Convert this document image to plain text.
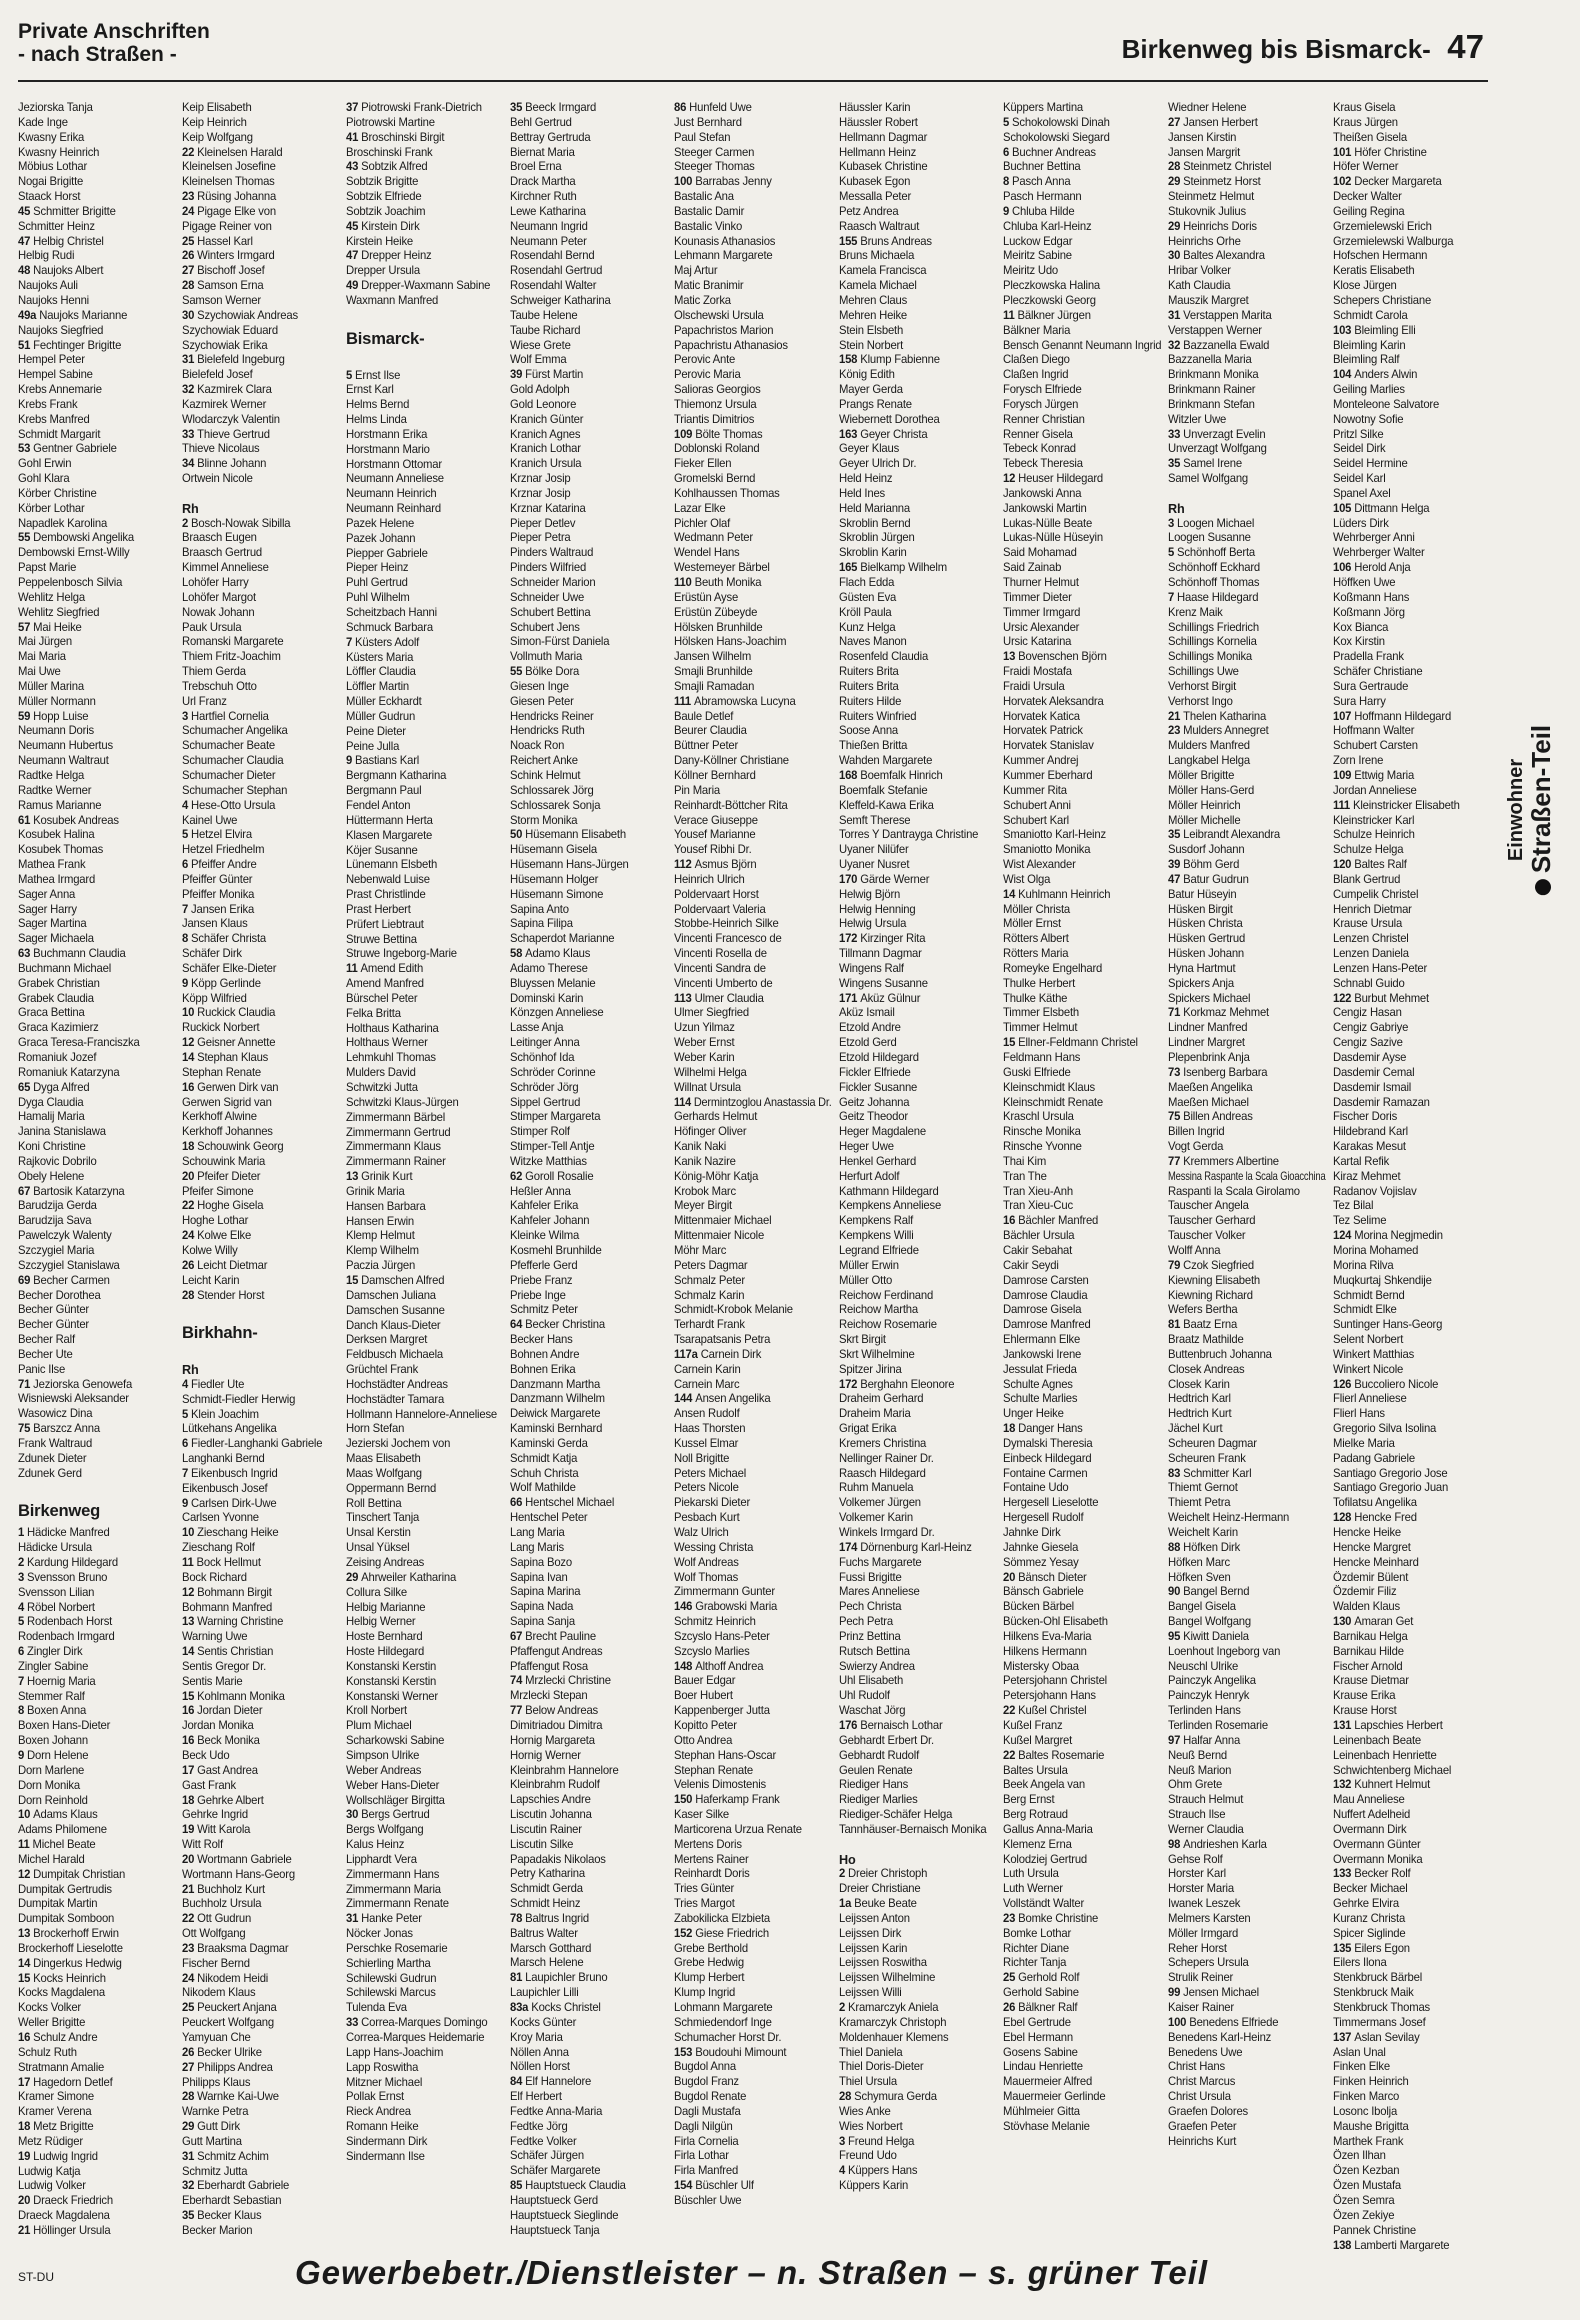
Private Anschriften
- nach Straßen -	Birkenweg bis Bismarck- 47
Jeziorska Tanja
Kade Inge
Kwasny Erika
Kwasny Heinrich
Möbius Lothar
Nogai Brigitte
Staack Horst
45 Schmitter Brigitte
Schmitter Heinz
47 Helbig Christel
Helbig Rudi
48 Naujoks Albert
Naujoks Auli
Naujoks Henni
49a Naujoks Marianne
Naujoks Siegfried
51 Fechtinger Brigitte
Hempel Peter
Hempel Sabine
Krebs Annemarie
Krebs Frank
Krebs Manfred
Schmidt Margarit
53 Gentner Gabriele
Gohl Erwin
Gohl Klara
Körber Christine
Körber Lothar
Napadlek Karolina
55 Dembowski Angelika
Dembowski Ernst-Willy
Papst Marie
Peppelenbosch Silvia
Wehlitz Helga
Wehlitz Siegfried
57 Mai Heike
Mai Jürgen
Mai Maria
Mai Uwe
Müller Marina
Müller Normann
59 Hopp Luise
Neumann Doris
Neumann Hubertus
Neumann Waltraut
Radtke Helga
Radtke Werner
Ramus Marianne
61 Kosubek Andreas
Kosubek Halina
Kosubek Thomas
Mathea Frank
Mathea Irmgard
Sager Anna
Sager Harry
Sager Martina
Sager Michaela
63 Buchmann Claudia
Buchmann Michael
Grabek Christian
Grabek Claudia
Graca Bettina
Graca Kazimierz
Graca Teresa-Franciszka
Romaniuk Jozef
Romaniuk Katarzyna
65 Dyga Alfred
Dyga Claudia
Hamalij Maria
Janina Stanislawa
Koni Christine
Rajkovic Dobrilo
Obely Helene
67 Bartosik Katarzyna
Barudzija Gerda
Barudzija Sava
Pawelczyk Walenty
Szczygiel Maria
Szczygiel Stanislawa
69 Becher Carmen
Becher Dorothea
Becher Günter
Becher Günter
Becher Ralf
Becher Ute
Panic Ilse
71 Jeziorska Genowefa
Wisniewski Aleksander
Wasowicz Dina
75 Barszcz Anna
Frank Waltraud
Zdunek Dieter
Zdunek Gerd
Birkenweg
1 Hädicke Manfred
Hädicke Ursula
2 Kardung Hildegard
3 Svensson Bruno
Svensson Lilian
4 Röbel Norbert
5 Rodenbach Horst
Rodenbach Irmgard
6 Zingler Dirk
Zingler Sabine
7 Hoernig Maria
Stemmer Ralf
8 Boxen Anna
Boxen Hans-Dieter
Boxen Johann
9 Dorn Helene
Dorn Marlene
Dorn Monika
Dorn Reinhold
10 Adams Klaus
Adams Philomene
11 Michel Beate
Michel Harald
12 Dumpitak Christian
Dumpitak Gertrudis
Dumpitak Martin
Dumpitak Somboon
13 Brockerhoff Erwin
Brockerhoff Lieselotte
14 Dingerkus Hedwig
15 Kocks Heinrich
Kocks Magdalena
Kocks Volker
Weller Brigitte
16 Schulz Andre
Schulz Ruth
Stratmann Amalie
17 Hagedorn Detlef
Kramer Simone
Kramer Verena
18 Metz Brigitte
Metz Rüdiger
19 Ludwig Ingrid
Ludwig Katja
Ludwig Volker
20 Draeck Friedrich
Draeck Magdalena
21 Höllinger Ursula
Keip Elisabeth
Keip Heinrich
Keip Wolfgang
22 Kleinelsen Harald
Kleinelsen Josefine
Kleinelsen Thomas
23 Rüsing Johanna
24 Pigage Elke von
Pigage Reiner von
25 Hassel Karl
26 Winters Irmgard
27 Bischoff Josef
28 Samson Erna
Samson Werner
30 Szychowiak Andreas
Szychowiak Eduard
Szychowiak Erika
31 Bielefeld Ingeburg
Bielefeld Josef
32 Kazmirek Clara
Kazmirek Werner
Wlodarczyk Valentin
33 Thieve Gertrud
Thieve Nicolaus
34 Blinne Johann
Ortwein Nicole
Rh
2 Bosch-Nowak Sibilla
Braasch Eugen
Braasch Gertrud
Kimmel Anneliese
Lohöfer Harry
Lohöfer Margot
Nowak Johann
Pauk Ursula
Romanski Margarete
Thiem Fritz-Joachim
Thiem Gerda
Trebschuh Otto
Url Franz
3 Hartfiel Cornelia
Schumacher Angelika
Schumacher Beate
Schumacher Claudia
Schumacher Dieter
Schumacher Stephan
4 Hese-Otto Ursula
Kainel Uwe
5 Hetzel Elvira
Hetzel Friedhelm
6 Pfeiffer Andre
Pfeiffer Günter
Pfeiffer Monika
7 Jansen Erika
Jansen Klaus
8 Schäfer Christa
Schäfer Dirk
Schäfer Elke-Dieter
9 Köpp Gerlinde
Köpp Wilfried
10 Ruckick Claudia
Ruckick Norbert
12 Geisner Annette
14 Stephan Klaus
Stephan Renate
16 Gerwen Dirk van
Gerwen Sigrid van
Kerkhoff Alwine
Kerkhoff Johannes
18 Schouwink Georg
Schouwink Maria
20 Pfeifer Dieter
Pfeifer Simone
22 Hoghe Gisela
Hoghe Lothar
24 Kolwe Elke
Kolwe Willy
26 Leicht Dietmar
Leicht Karin
28 Stender Horst
Birkhahn-
Rh
4 Fiedler Ute
Schmidt-Fiedler Herwig
5 Klein Joachim
Lütkehans Angelika
6 Fiedler-Langhanki Gabriele
Langhanki Bernd
7 Eikenbusch Ingrid
Eikenbusch Josef
9 Carlsen Dirk-Uwe
Carlsen Yvonne
10 Zieschang Heike
Zieschang Rolf
11 Bock Hellmut
Bock Richard
12 Bohmann Birgit
Bohmann Manfred
13 Warning Christine
Warning Uwe
14 Sentis Christian
Sentis Gregor Dr.
Sentis Marie
15 Kohlmann Monika
16 Jordan Dieter
Jordan Monika
16 Beck Monika
Beck Udo
17 Gast Andrea
Gast Frank
18 Gehrke Albert
Gehrke Ingrid
19 Witt Karola
Witt Rolf
20 Wortmann Gabriele
Wortmann Hans-Georg
21 Buchholz Kurt
Buchholz Ursula
22 Ott Gudrun
Ott Wolfgang
23 Braaksma Dagmar
Fischer Bernd
24 Nikodem Heidi
Nikodem Klaus
25 Peuckert Anjana
Peuckert Wolfgang
Yamyuan Che
26 Becker Ulrike
27 Philipps Andrea
Philipps Klaus
28 Warnke Kai-Uwe
Warnke Petra
29 Gutt Dirk
Gutt Martina
31 Schmitz Achim
Schmitz Jutta
32 Eberhardt Gabriele
Eberhardt Sebastian
35 Becker Klaus
Becker Marion
37 Piotrowski Frank-Dietrich
Piotrowski Martine
41 Broschinski Birgit
Broschinski Frank
43 Sobtzik Alfred
Sobtzik Brigitte
Sobtzik Elfriede
Sobtzik Joachim
45 Kirstein Dirk
Kirstein Heike
47 Drepper Heinz
Drepper Ursula
49 Drepper-Waxmann Sabine
Waxmann Manfred
Bismarck-
5 Ernst Ilse
Ernst Karl
Helms Bernd
Helms Linda
Horstmann Erika
Horstmann Mario
Horstmann Ottomar
Neumann Anneliese
Neumann Heinrich
Neumann Reinhard
Pazek Helene
Pazek Johann
Piepper Gabriele
Pieper Heinz
Puhl Gertrud
Puhl Wilhelm
Scheitzbach Hanni
Schmuck Barbara
7 Küsters Adolf
Küsters Maria
Löffler Claudia
Löffler Martin
Müller Eckhardt
Müller Gudrun
Peine Dieter
Peine Julla
9 Bastians Karl
Bergmann Katharina
Bergmann Paul
Fendel Anton
Hüttermann Herta
Klasen Margarete
Köjer Susanne
Lünemann Elsbeth
Nebenwald Luise
Prast Christlinde
Prast Herbert
Prüfert Liebtraut
Struwe Bettina
Struwe Ingeborg-Marie
11 Amend Edith
Amend Manfred
Bürschel Peter
Felka Britta
Holthaus Katharina
Holthaus Werner
Lehmkuhl Thomas
Mulders David
Schwitzki Jutta
Schwitzki Klaus-Jürgen
Zimmermann Bärbel
Zimmermann Gertrud
Zimmermann Klaus
Zimmermann Rainer
13 Grinik Kurt
Grinik Maria
Hansen Barbara
Hansen Erwin
Klemp Helmut
Klemp Wilhelm
Paczia Jürgen
15 Damschen Alfred
Damschen Juliana
Damschen Susanne
Danch Klaus-Dieter
Derksen Margret
Feldbusch Michaela
Grüchtel Frank
Hochstädter Andreas
Hochstädter Tamara
Hollmann Hannelore-Anneliese
Horn Stefan
Jezierski Jochem von
Maas Elisabeth
Maas Wolfgang
Oppermann Bernd
Roll Bettina
Tinschert Tanja
Unsal Kerstin
Unsal Yüksel
Zeising Andreas
29 Ahrweiler Katharina
Collura Silke
Helbig Marianne
Helbig Werner
Hoste Bernhard
Hoste Hildegard
Konstanski Kerstin
Konstanski Kerstin
Konstanski Werner
Kroll Norbert
Plum Michael
Scharkowski Sabine
Simpson Ulrike
Weber Andreas
Weber Hans-Dieter
Wollschläger Birgitta
30 Bergs Gertrud
Bergs Wolfgang
Kalus Heinz
Lipphardt Vera
Zimmermann Hans
Zimmermann Maria
Zimmermann Renate
31 Hanke Peter
Nöcker Jonas
Perschke Rosemarie
Schierling Martha
Schilewski Gudrun
Schilewski Marcus
Tulenda Eva
33 Correa-Marques Domingo
Correa-Marques Heidemarie
Lapp Hans-Joachim
Lapp Roswitha
Mitzner Michael
Pollak Ernst
Rieck Andrea
Romann Heike
Sindermann Dirk
Sindermann Ilse
35 Beeck Irmgard
Behl Gertrud
Bettray Gertruda
Biernat Maria
Broel Erna
Drack Martha
Kirchner Ruth
Lewe Katharina
Neumann Ingrid
Neumann Peter
Rosendahl Bernd
Rosendahl Gertrud
Rosendahl Walter
Schweiger Katharina
Taube Helene
Taube Richard
Wiese Grete
Wolf Emma
39 Fürst Martin
Gold Adolph
Gold Leonore
Kranich Günter
Kranich Agnes
Kranich Lothar
Kranich Ursula
Krznar Josip
Krznar Josip
Krznar Katarina
Pieper Detlev
Pieper Petra
Pinders Waltraud
Pinders Wilfried
Schneider Marion
Schneider Uwe
Schubert Bettina
Schubert Jens
Simon-Fürst Daniela
Vollmuth Maria
55 Bölke Dora
Giesen Inge
Giesen Peter
Hendricks Reiner
Hendricks Ruth
Noack Ron
Reichert Anke
Schink Helmut
Schlossarek Jörg
Schlossarek Sonja
Storm Monika
50 Hüsemann Elisabeth
Hüsemann Gisela
Hüsemann Hans-Jürgen
Hüsemann Holger
Hüsemann Simone
Sapina Anto
Sapina Filipa
Schaperdot Marianne
58 Adamo Klaus
Adamo Therese
Bluyssen Melanie
Dominski Karin
Könzgen Anneliese
Lasse Anja
Leitinger Anna
Schönhof Ida
Schröder Corinne
Schröder Jörg
Sippel Gertrud
Stimper Margareta
Stimper Rolf
Stimper-Tell Antje
Witzke Matthias
62 Goroll Rosalie
Heßler Anna
Kahfeler Erika
Kahfeler Johann
Kleinke Wilma
Kosmehl Brunhilde
Pfefferle Gerd
Priebe Franz
Priebe Inge
Schmitz Peter
64 Becker Christina
Becker Hans
Bohnen Andre
Bohnen Erika
Danzmann Martha
Danzmann Wilhelm
Deiwick Margarete
Kaminski Bernhard
Kaminski Gerda
Schmidt Katja
Schuh Christa
Wolf Mathilde
66 Hentschel Michael
Hentschel Peter
Lang Maria
Lang Maris
Sapina Bozo
Sapina Ivan
Sapina Marina
Sapina Nada
Sapina Sanja
67 Brecht Pauline
Pfaffengut Andreas
Pfaffengut Rosa
74 Mrzlecki Christine
Mrzlecki Stepan
77 Below Andreas
Dimitriadou Dimitra
Hornig Margareta
Hornig Werner
Kleinbrahm Hannelore
Kleinbrahm Rudolf
Lapschies Andre
Liscutin Johanna
Liscutin Rainer
Liscutin Silke
Papadakis Nikolaos
Petry Katharina
Schmidt Gerda
Schmidt Heinz
78 Baltrus Ingrid
Baltrus Walter
Marsch Gotthard
Marsch Helene
81 Laupichler Bruno
Laupichler Lilli
83a Kocks Christel
Kocks Günter
Kroy Maria
Nöllen Anna
Nöllen Horst
84 Elf Hannelore
Elf Herbert
Fedtke Anna-Maria
Fedtke Jörg
Fedtke Volker
Schäfer Jürgen
Schäfer Margarete
85 Hauptstueck Claudia
Hauptstueck Gerd
Hauptstueck Sieglinde
Hauptstueck Tanja
86 Hunfeld Uwe
Just Bernhard
Paul Stefan
Steeger Carmen
Steeger Thomas
100 Barrabas Jenny
Bastalic Ana
Bastalic Damir
Bastalic Vinko
Kounasis Athanasios
Lehmann Margarete
Maj Artur
Matic Branimir
Matic Zorka
Olschewski Ursula
Papachristos Marion
Papachristu Athanasios
Perovic Ante
Perovic Maria
Salioras Georgios
Thiemonz Ursula
Triantis Dimitrios
109 Bölte Thomas
Doblonski Roland
Fieker Ellen
Gromelski Bernd
Kohlhaussen Thomas
Lazar Elke
Pichler Olaf
Wedmann Peter
Wendel Hans
Westemeyer Bärbel
110 Beuth Monika
Erüstün Ayse
Erüstün Zübeyde
Hölsken Brunhilde
Hölsken Hans-Joachim
Jansen Wilhelm
Smajli Brunhilde
Smajli Ramadan
111 Abramowska Lucyna
Baule Detlef
Beurer Claudia
Büttner Peter
Dany-Köllner Christiane
Köllner Bernhard
Pin Maria
Reinhardt-Böttcher Rita
Verace Giuseppe
Yousef Marianne
Yousef Ribhi Dr.
112 Asmus Björn
Heinrich Ulrich
Poldervaart Horst
Poldervaart Valeria
Stobbe-Heinrich Silke
Vincenti Francesco de
Vincenti Rosella de
Vincenti Sandra de
Vincenti Umberto de
113 Ulmer Claudia
Ulmer Siegfried
Uzun Yilmaz
Weber Ernst
Weber Karin
Wilhelmi Helga
Willnat Ursula
114 Dermintzoglou Anastassia Dr.
Gerhards Helmut
Höfinger Oliver
Kanik Naki
Kanik Nazire
König-Möhr Katja
Krobok Marc
Meyer Birgit
Mittenmaier Michael
Mittenmaier Nicole
Möhr Marc
Peters Dagmar
Schmalz Peter
Schmalz Karin
Schmidt-Krobok Melanie
Terhardt Frank
Tsarapatsanis Petra
117a Carnein Dirk
Carnein Karin
Carnein Marc
144 Ansen Angelika
Ansen Rudolf
Haas Thorsten
Kussel Elmar
Noll Brigitte
Peters Michael
Peters Nicole
Piekarski Dieter
Pesbach Kurt
Walz Ulrich
Wessing Christa
Wolf Andreas
Wolf Thomas
Zimmermann Gunter
146 Grabowski Maria
Schmitz Heinrich
Szcyslo Hans-Peter
Szcyslo Marlies
148 Althoff Andrea
Bauer Edgar
Boer Hubert
Kappenberger Jutta
Kopitto Peter
Otto Andrea
Stephan Hans-Oscar
Stephan Renate
Velenis Dimostenis
150 Haferkamp Frank
Kaser Silke
Marticorena Urzua Renate
Mertens Doris
Mertens Rainer
Reinhardt Doris
Tries Günter
Tries Margot
Zabokilicka Elzbieta
152 Giese Friedrich
Grebe Berthold
Grebe Hedwig
Klump Herbert
Klump Ingrid
Lohmann Margarete
Schmiedendorf Inge
Schumacher Horst Dr.
153 Boudouhi Mimount
Bugdol Anna
Bugdol Franz
Bugdol Renate
Dagli Mustafa
Dagli Nilgün
Firla Cornelia
Firla Lothar
Firla Manfred
154 Büschler Ulf
Büschler Uwe
Häussler Karin
Häussler Robert
Hellmann Dagmar
Hellmann Heinz
Kubasek Christine
Kubasek Egon
Messalla Peter
Petz Andrea
Raasch Waltraut
155 Bruns Andreas
Bruns Michaela
Kamela Franciscа
Kamela Michael
Mehren Claus
Mehren Heike
Stein Elsbeth
Stein Norbert
158 Klump Fabienne
König Edith
Mayer Gerda
Prangs Renate
Wiebernett Dorothea
163 Geyer Christa
Geyer Klaus
Geyer Ulrich Dr.
Held Heinz
Held Ines
Held Marianna
Skroblin Bernd
Skroblin Jürgen
Skroblin Karin
165 Bielkamp Wilhelm
Flach Edda
Güsten Eva
Kröll Paula
Kunz Helga
Naves Manon
Rosenfeld Claudia
Ruiters Brita
Ruiters Brita
Ruiters Hilde
Ruiters Winfried
Soose Anna
Thießen Britta
Wahden Margarete
168 Boemfalk Hinrich
Boemfalk Stefanie
Kleffeld-Kawa Erika
Semft Therese
Torres Y Dantrayga Christine
Uyaner Nilüfer
Uyaner Nusret
170 Gärde Werner
Helwig Björn
Helwig Henning
Helwig Ursula
172 Kirzinger Rita
Tillmann Dagmar
Wingens Ralf
Wingens Susanne
171 Aküz Gülnur
Aküz Ismail
Etzold Andre
Etzold Gerd
Etzold Hildegard
Fickler Elfriede
Fickler Susanne
Geitz Johanna
Geitz Theodor
Heger Magdalene
Heger Uwe
Henkel Gerhard
Herfurt Adolf
Kathmann Hildegard
Kempkens Anneliese
Kempkens Ralf
Kempkens Willi
Legrand Elfriede
Müller Erwin
Müller Otto
Reichow Ferdinand
Reichow Martha
Reichow Rosemarie
Skrt Birgit
Skrt Wilhelmine
Spitzer Jirina
172 Berghahn Eleonore
Draheim Gerhard
Draheim Maria
Grigat Erika
Kremers Christina
Nellinger Rainer Dr.
Raasch Hildegard
Ruhm Manuela
Volkemer Jürgen
Volkemer Karin
Winkels Irmgard Dr.
174 Dörnenburg Karl-Heinz
Fuchs Margarete
Fussi Brigitte
Mares Anneliese
Pech Christa
Pech Petra
Prinz Bettina
Rutsch Bettina
Swierzy Andrea
Uhl Elisabeth
Uhl Rudolf
Waschat Jörg
176 Bernaisch Lothar
Gebhardt Erbert Dr.
Gebhardt Rudolf
Geulen Renate
Riediger Hans
Riediger Marlies
Riediger-Schäfer Helga
Tannhäuser-Bernaisch Monika
Ho
2 Dreier Christoph
Dreier Christiane
1a Beuke Beate
Leijssen Anton
Leijssen Dirk
Leijssen Karin
Leijssen Roswitha
Leijssen Wilhelmine
Leijssen Willi
2 Kramarczyk Aniela
Kramarczyk Christoph
Moldenhauer Klemens
Thiel Daniela
Thiel Doris-Dieter
Thiel Ursula
28 Schymura Gerda
Wies Anke
Wies Norbert
3 Freund Helga
Freund Udo
4 Küppers Hans
Küppers Karin
Küppers Martina
5 Schokolowski Dinah
Schokolowski Siegard
6 Buchner Andreas
Buchner Bettina
8 Pasch Anna
Pasch Hermann
9 Chluba Hilde
Chluba Karl-Heinz
Luckow Edgar
Meiritz Sabine
Meiritz Udo
Pleczkowska Halina
Pleczkowski Georg
11 Bälkner Jürgen
Bälkner Maria
Bensch Genannt Neumann Ingrid
Claßen Diego
Claßen Ingrid
Forysch Elfriede
Forysch Jürgen
Renner Christian
Renner Gisela
Tebeck Konrad
Tebeck Theresia
12 Heuser Hildegard
Jankowski Anna
Jankowski Martin
Lukas-Nülle Beate
Lukas-Nülle Hüseyin
Said Mohamad
Said Zainab
Thurner Helmut
Timmer Dieter
Timmer Irmgard
Ursic Alexander
Ursic Katarina
13 Bovenschen Björn
Fraidi Mostafa
Fraidi Ursula
Horvatek Aleksandra
Horvatek Katica
Horvatek Patrick
Horvatek Stanislav
Kummer Andrej
Kummer Eberhard
Kummer Rita
Schubert Anni
Schubert Karl
Smaniotto Karl-Heinz
Smaniotto Monika
Wist Alexander
Wist Olga
14 Kuhlmann Heinrich
Möller Christa
Möller Ernst
Rötters Albert
Rötters Maria
Romeyke Engelhard
Thulke Herbert
Thulke Käthe
Timmer Elsbeth
Timmer Helmut
15 Ellner-Feldmann Christel
Feldmann Hans
Guski Elfriede
Kleinschmidt Klaus
Kleinschmidt Renate
Kraschl Ursula
Rinsche Monika
Rinsche Yvonne
Thai Kim
Tran The
Tran Xieu-Anh
Tran Xieu-Cuc
16 Bächler Manfred
Bächler Ursula
Cakir Sebahat
Cakir Seydi
Damrose Carsten
Damrose Claudia
Damrose Gisela
Damrose Manfred
Ehlermann Elke
Jankowski Irene
Jessulat Frieda
Schulte Agnes
Schulte Marlies
Unger Heike
18 Danger Hans
Dymalski Theresia
Einbeck Hildegard
Fontaine Carmen
Fontaine Udo
Hergesell Lieselotte
Hergesell Rudolf
Jahnke Dirk
Jahnke Giesela
Sömmez Yesay
20 Bänsch Dieter
Bänsch Gabriele
Bücken Bärbel
Bücken-Ohl Elisabeth
Hilkens Eva-Maria
Hilkens Hermann
Mistersky Obaa
Petersjohann Christel
Petersjohann Hans
22 Kußel Christel
Kußel Franz
Kußel Margret
22 Baltes Rosemarie
Baltes Ursula
Beek Angela van
Berg Ernst
Berg Rotraud
Gallus Anna-Maria
Klemenz Erna
Kolodziej Gertrud
Luth Ursula
Luth Werner
Vollständt Walter
23 Bomke Christine
Bomke Lothar
Richter Diane
Richter Tanja
25 Gerhold Rolf
Gerhold Sabine
26 Bälkner Ralf
Ebel Gertrude
Ebel Hermann
Gosens Sabine
Lindau Henriette
Mauermeier Alfred
Mauermeier Gerlinde
Mühlmeier Gitta
Stövhase Melanie
Wiedner Helene
27 Jansen Herbert
Jansen Kirstin
Jansen Margrit
28 Steinmetz Christel
29 Steinmetz Horst
Steinmetz Helmut
Stukovnik Julius
29 Heinrichs Doris
Heinrichs Orhe
30 Baltes Alexandra
Hribar Volker
Kath Claudia
Mauszik Margret
31 Verstappen Marita
Verstappen Werner
32 Bazzanella Ewald
Bazzanella Maria
Brinkmann Monika
Brinkmann Rainer
Brinkmann Stefan
Witzler Uwe
33 Unverzagt Evelin
Unverzagt Wolfgang
35 Samel Irene
Samel Wolfgang
Rh
3 Loogen Michael
Loogen Susanne
5 Schönhoff Berta
Schönhoff Eckhard
Schönhoff Thomas
7 Haase Hildegard
Krenz Maik
Schillings Friedrich
Schillings Kornelia
Schillings Monika
Schillings Uwe
Verhorst Birgit
Verhorst Ingo
21 Thelen Katharina
23 Mulders Annegret
Mulders Manfred
Langkabel Helga
Möller Brigitte
Möller Hans-Gerd
Möller Heinrich
Möller Michelle
35 Leibrandt Alexandra
Susdorf Johann
39 Böhm Gerd
47 Batur Gudrun
Batur Hüseyin
Hüsken Birgit
Hüsken Christa
Hüsken Gertrud
Hüsken Johann
Hyna Hartmut
Spickers Anja
Spickers Michael
71 Korkmaz Mehmet
Lindner Manfred
Lindner Margret
Plepenbrink Anja
73 Isenberg Barbara
Maeßen Angelika
Maeßen Michael
75 Billen Andreas
Billen Ingrid
Vogt Gerda
77 Kremmers Albertine
Messina Raspante la Scala Gioacchina
Raspanti la Scala Girolamo
Tauscher Angela
Tauscher Gerhard
Tauscher Volker
Wolff Anna
79 Czok Siegfried
Kiewning Elisabeth
Kiewning Richard
Wefers Bertha
81 Baatz Erna
Braatz Mathilde
Buttenbruch Johanna
Closek Andreas
Closek Karin
Hedtrich Karl
Hedtrich Kurt
Jächel Kurt
Scheuren Dagmar
Scheuren Frank
83 Schmitter Karl
Thiemt Gernot
Thiemt Petra
Weichelt Heinz-Hermann
Weichelt Karin
88 Höfken Dirk
Höfken Marc
Höfken Sven
90 Bangel Bernd
Bangel Gisela
Bangel Wolfgang
95 Kiwitt Daniela
Loenhout Ingeborg van
Neuschl Ulrike
Painczyk Angelika
Painczyk Henryk
Terlinden Hans
Terlinden Rosemarie
97 Halfar Anna
Neuß Bernd
Neuß Marion
Ohm Grete
Strauch Helmut
Strauch Ilse
Werner Claudia
98 Andrieshen Karla
Gehse Rolf
Horster Karl
Horster Maria
Iwanek Leszek
Melmers Karsten
Möller Irmgard
Reher Horst
Schepers Ursula
Strulik Reiner
99 Jensen Michael
Kaiser Rainer
100 Benedens Elfriede
Benedens Karl-Heinz
Benedens Uwe
Christ Hans
Christ Marcus
Christ Ursula
Graefen Dolores
Graefen Peter
Heinrichs Kurt
Kraus Gisela
Kraus Jürgen
Theißen Gisela
101 Höfer Christine
Höfer Werner
102 Decker Margareta
Decker Walter
Geiling Regina
Grzemielewski Erich
Grzemielewski Walburga
Hofschen Hermann
Keratis Elisabeth
Klose Jürgen
Schepers Christiane
Schmidt Carola
103 Bleimling Elli
Bleimling Karin
Bleimling Ralf
104 Anders Alwin
Geiling Marlies
Monteleone Salvatore
Nowotny Sofie
Pritzl Silke
Seidel Dirk
Seidel Hermine
Seidel Karl
Spanel Axel
105 Dittmann Helga
Lüders Dirk
Wehrberger Anni
Wehrberger Walter
106 Herold Anja
Höffken Uwe
Koßmann Hans
Koßmann Jörg
Kox Bianca
Kox Kirstin
Pradella Frank
Schäfer Christiane
Sura Gertraude
Sura Harry
107 Hoffmann Hildegard
Hoffmann Walter
Schubert Carsten
Zorn Irene
109 Ettwig Maria
Jordan Anneliese
111 Kleinstricker Elisabeth
Kleinstricker Karl
Schulze Heinrich
Schulze Helga
120 Baltes Ralf
Blank Gertrud
Cumpelik Christel
Henrich Dietmar
Krause Ursula
Lenzen Christel
Lenzen Daniela
Lenzen Hans-Peter
Schnabl Guido
122 Burbut Mehmet
Cengiz Hasan
Cengiz Gabriye
Cengiz Sazive
Dasdemir Ayse
Dasdemir Cemal
Dasdemir Ismail
Dasdemir Ramazan
Fischer Doris
Hildebrand Karl
Karakas Mesut
Kartal Refik
Kiraz Mehmet
Radanov Vojislav
Tez Bilal
Tez Selime
124 Morina Negjmedin
Morina Mohamed
Morina Rilva
Muqkurtaj Shkendije
Schmidt Bernd
Schmidt Elke
Suntinger Hans-Georg
Selent Norbert
Winkert Matthias
Winkert Nicole
126 Buccoliero Nicole
Flierl Anneliese
Flierl Hans
Gregorio Silva Isolina
Mielke Maria
Padang Gabriele
Santiago Gregorio Jose
Santiago Gregorio Juan
Tofilatsu Angelika
128 Hencke Fred
Hencke Heike
Hencke Margret
Hencke Meinhard
Özdemir Bülent
Özdemir Filiz
Walden Klaus
130 Amaran Get
Barnikau Helga
Barnikau Hilde
Fischer Arnold
Krause Dietmar
Krause Erika
Krause Horst
131 Lapschies Herbert
Leinenbach Beate
Leinenbach Henriette
Schwichtenberg Michael
132 Kuhnert Helmut
Mau Anneliese
Nuffert Adelheid
Overmann Dirk
Overmann Günter
Overmann Monika
133 Becker Rolf
Becker Michael
Gehrke Elvira
Kuranz Christa
Spicer Siglinde
135 Eilers Egon
Eilers Ilona
Stenkbruck Bärbel
Stenkbruck Maik
Stenkbruck Thomas
Timmermans Josef
137 Aslan Sevilay
Aslan Unal
Finken Elke
Finken Heinrich
Finken Marco
Losonc Ibolja
Maushe Brigitta
Marthek Frank
Özen Ilhan
Özen Kezban
Özen Mustafa
Özen Semra
Özen Zekiye
Pannek Christine
138 Lamberti Margarete
Einwohner Straßen-Teil
ST-DU	Gewerbebetr./Dienstleister – n. Straßen – s. grüner Teil
